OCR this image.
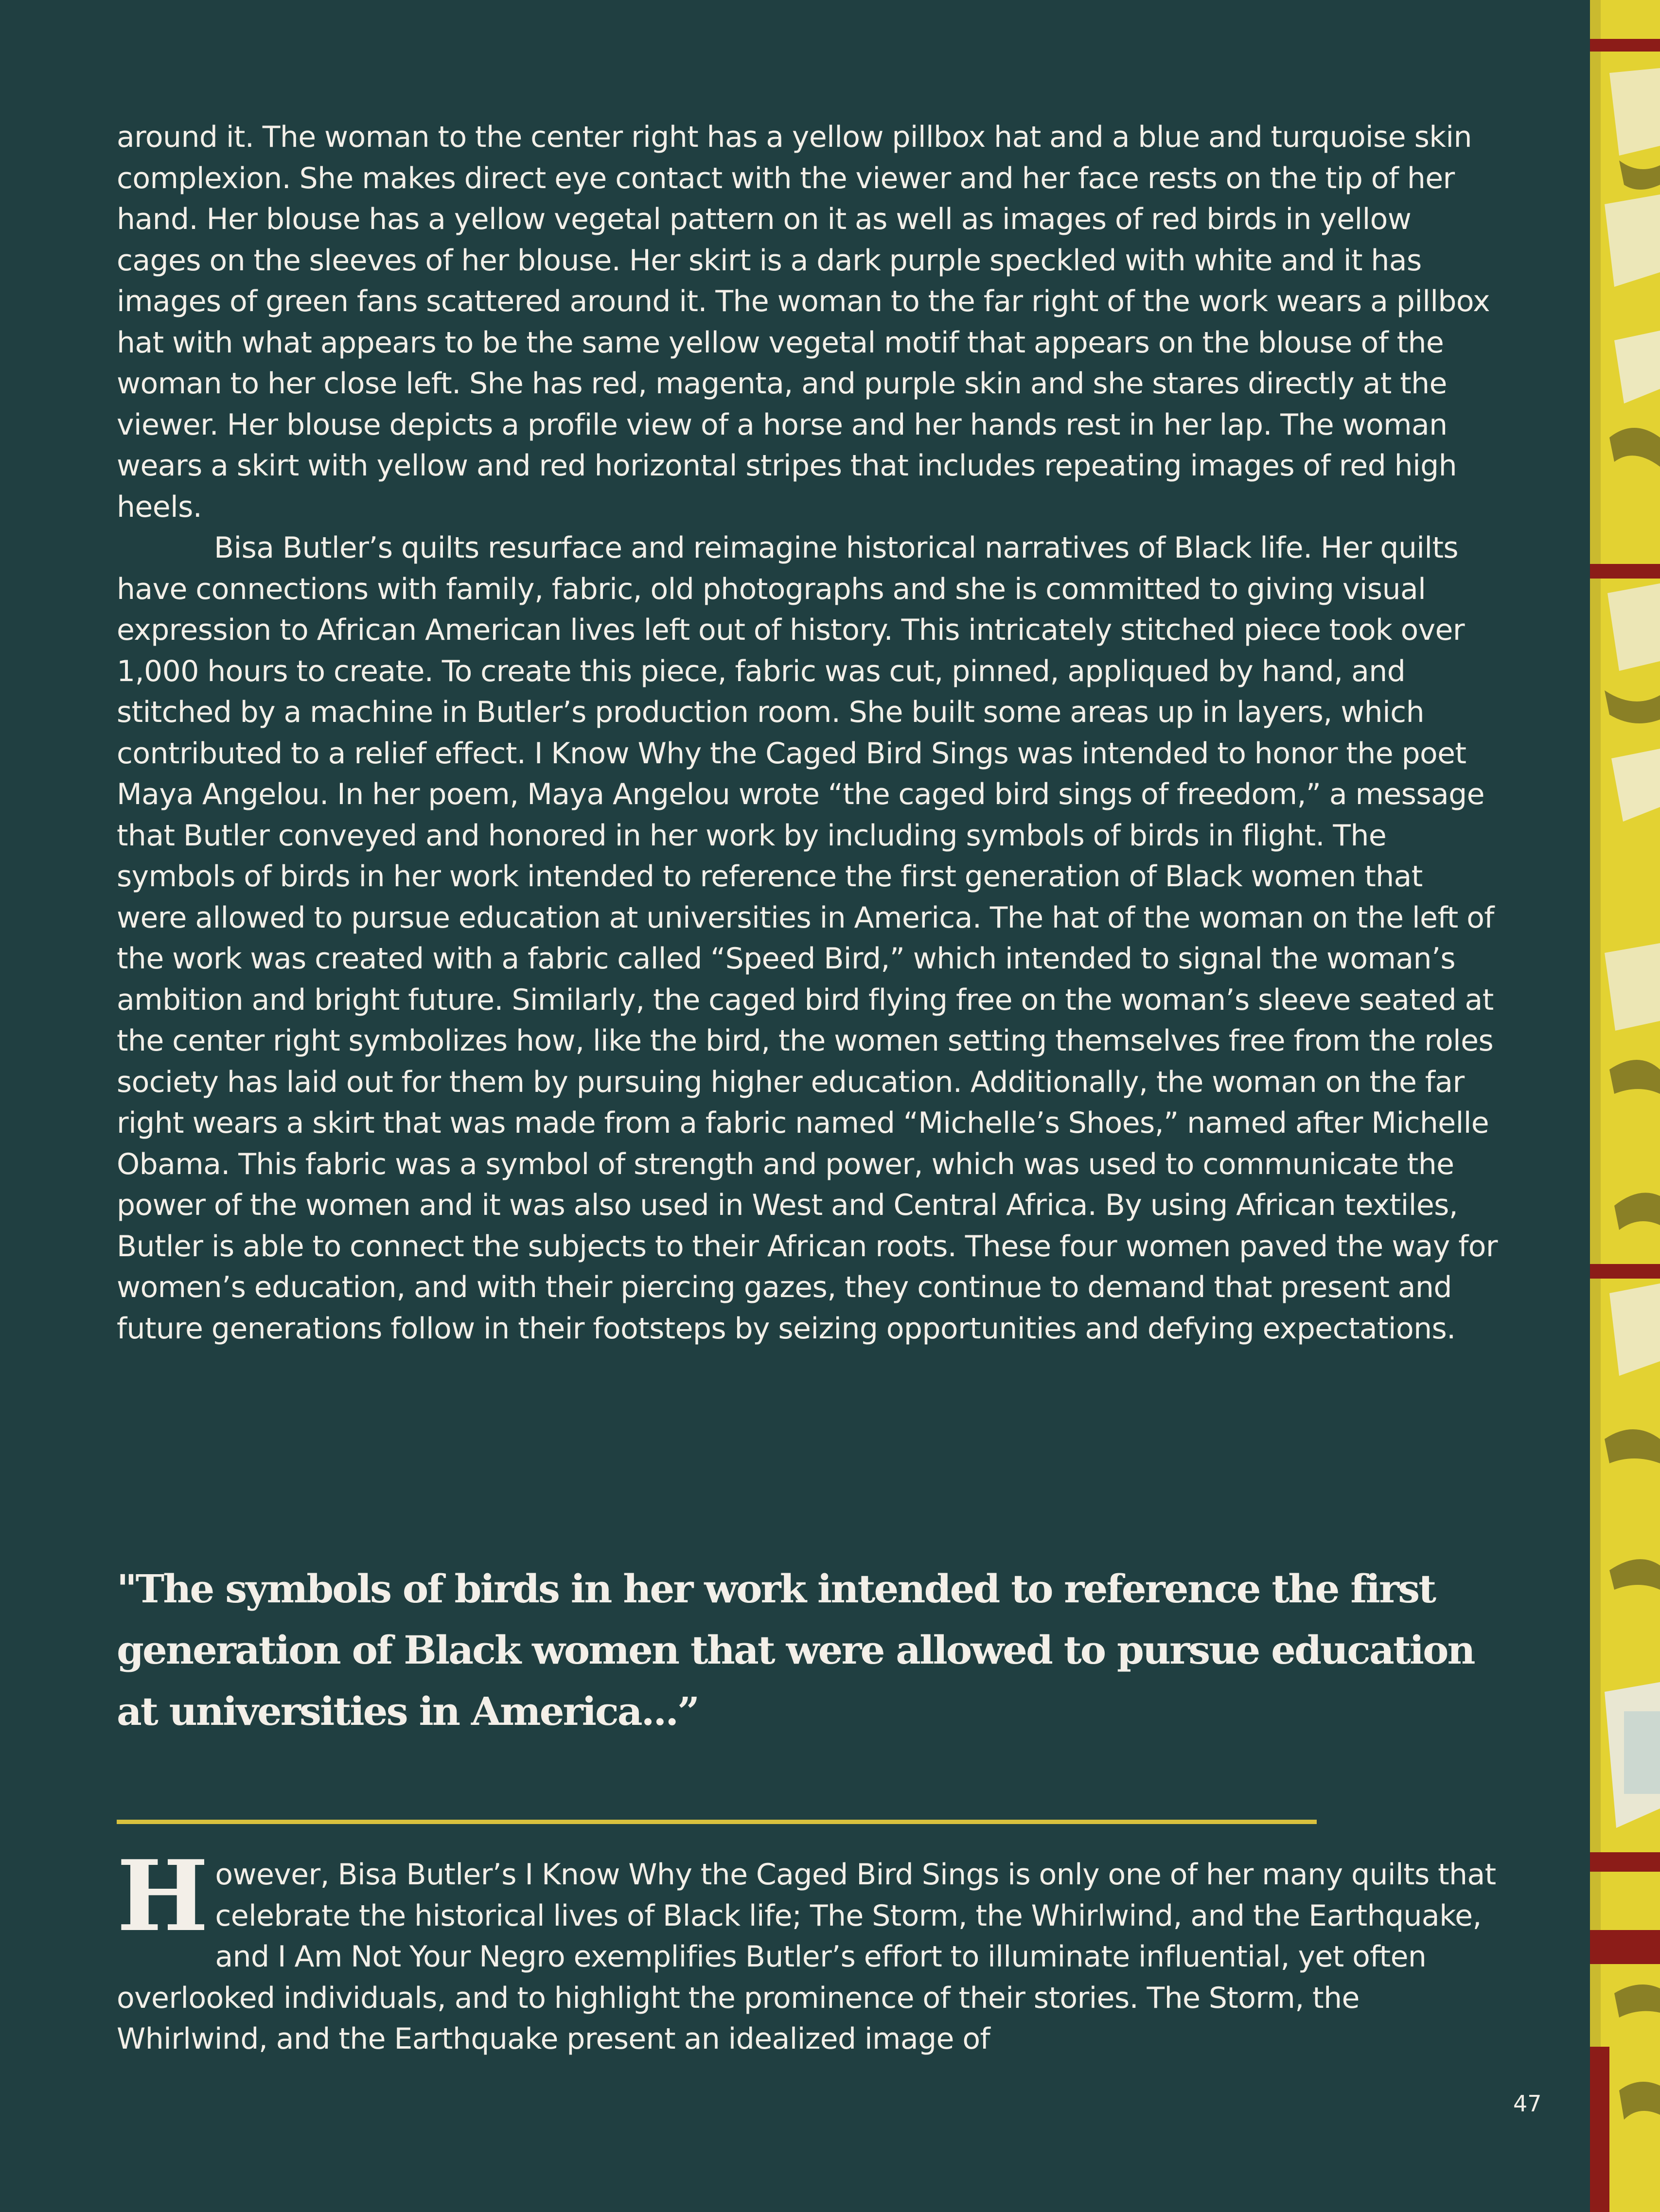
around it. The woman to the center right has a yellow pillbox hat and a blue and turquoise skin complexion. She makes direct eye contact with the viewer and her face rests on the tip of her hand. Her blouse has a yellow vegetal pattern on it as well as images of red birds in yellow cages on the sleeves of her blouse. Her skirt is a dark purple speckled with white and it has images of green fans scattered around it. The woman to the far right of the work wears a pillbox hat with what appears to be the same yellow vegetal motif that appears on the blouse of the woman to her close left. She has red, magenta, and purple skin and she stares directly at the viewer. Her blouse depicts a profile view of a horse and her hands rest in her lap. The woman wears a skirt with yellow and red horizontal stripes that includes repeating images of red high heels.

Bisa Butler’s quilts resurface and reimagine historical narratives of Black life. Her quilts have connections with family, fabric, old photographs and she is committed to giving visual expression to African American lives left out of history. This intricately stitched piece took over 1,000 hours to create. To create this piece, fabric was cut, pinned, appliqued by hand, and stitched by a machine in Butler’s production room. She built some areas up in layers, which contributed to a relief effect. I Know Why the Caged Bird Sings was intended to honor the poet Maya Angelou. In her poem, Maya Angelou wrote “the caged bird sings of freedom,” a message that Butler conveyed and honored in her work by including symbols of birds in flight. The symbols of birds in her work intended to reference the first generation of Black women that were allowed to pursue education at universities in America. The hat of the woman on the left of the work was created with a fabric called “Speed Bird,” which intended to signal the woman’s ambition and bright future. Similarly, the caged bird flying free on the woman’s sleeve seated at the center right symbolizes how, like the bird, the women setting themselves free from the roles society has laid out for them by pursuing higher education. Additionally, the woman on the far right wears a skirt that was made from a fabric named “Michelle’s Shoes,” named after Michelle Obama. This fabric was a symbol of strength and power, which was used to communicate the power of the women and it was also used in West and Central Africa. By using African textiles, Butler is able to connect the subjects to their African roots. These four women paved the way for women’s education, and with their piercing gazes, they continue to demand that present and future generations follow in their footsteps by seizing opportunities and defying expectations.

"The symbols of birds in her work intended to reference the first generation of Black women that were allowed to pursue education at universities in America...”

However, Bisa Butler’s I Know Why the Caged Bird Sings is only one of her many quilts that celebrate the historical lives of Black life; The Storm, the Whirlwind, and the Earthquake, and I Am Not Your Negro exemplifies Butler’s effort to illuminate influential, yet often overlooked individuals, and to highlight the prominence of their stories. The Storm, the Whirlwind, and the Earthquake present an idealized image of

47
